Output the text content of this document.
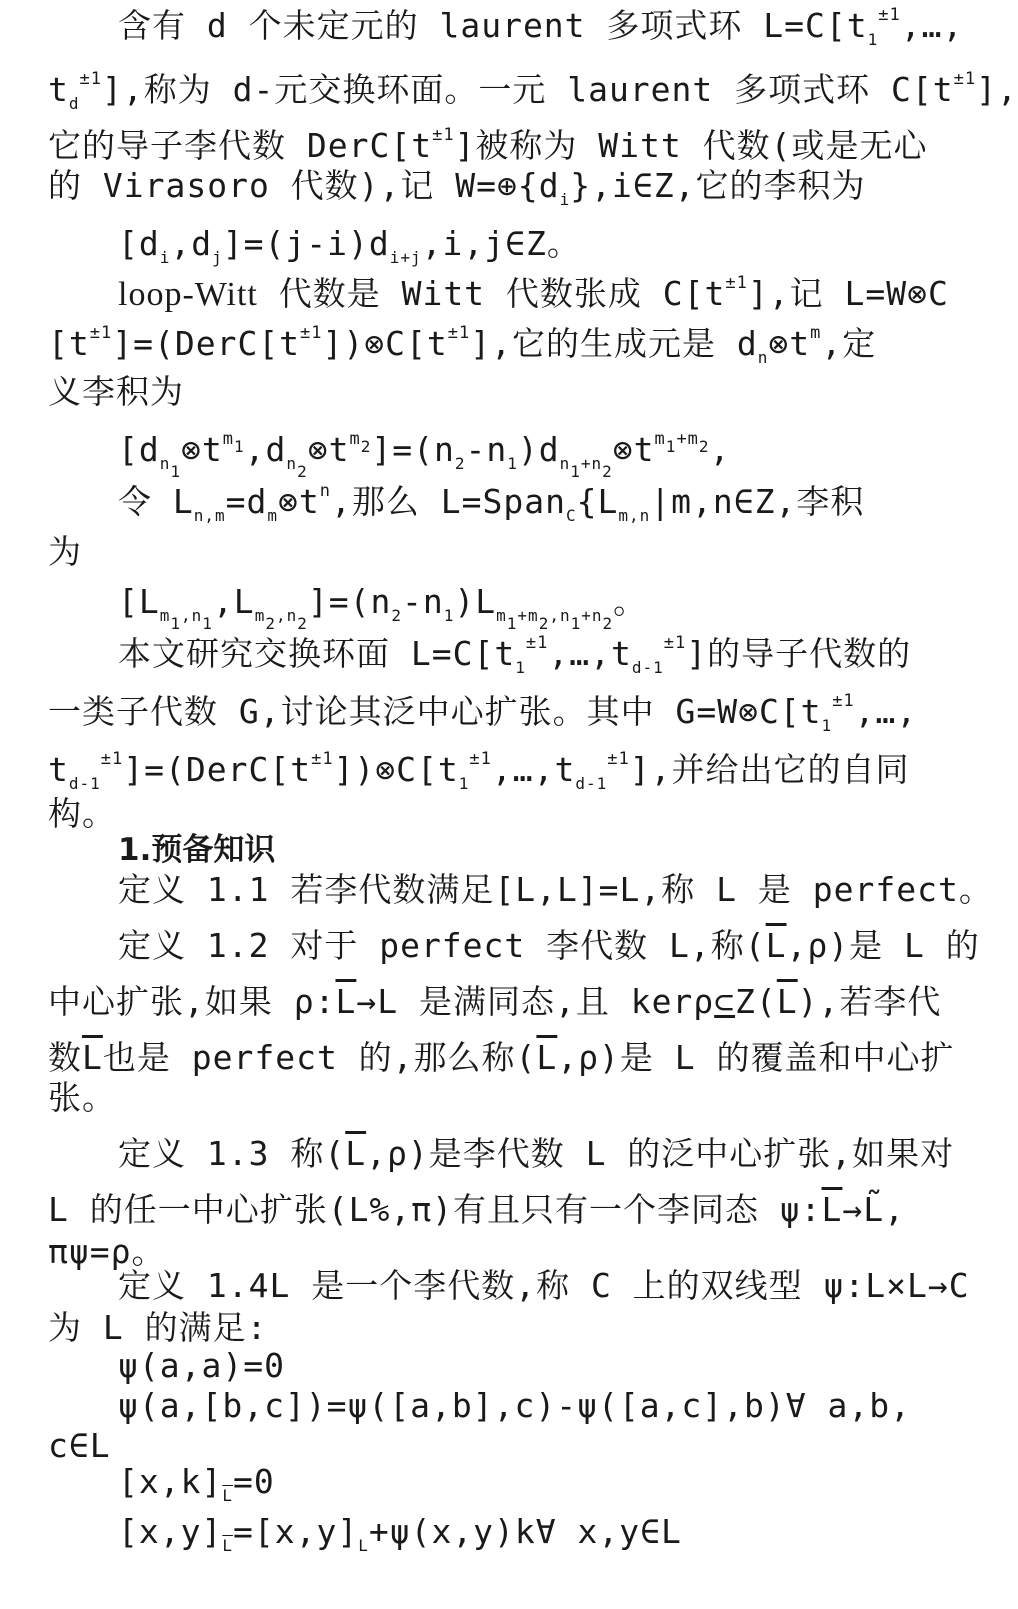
含有 d 个未定元的 laurent 多项式环 $L=C[t_1^{\pm 1},\dots$,
$t_d^{\pm 1}$],称为 d-元交换环面。一元 laurent 多项式环 $C[t^{\pm 1}]$,
它的导子李代数 $DerC[t^{\pm 1}]$被称为 Witt 代数(或是无心
的 Virasoro 代数),记 $W=\oplus\{d_i\},i\in Z$,它的李积为
$[d_i,d_j]=(j-i)d_{i+j},i,j\in Z$。
loop-Witt 代数是 Witt 代数张成 $C[t^{\pm 1}]$,记 L=W⊗C
$[t^{\pm 1}]=(DerC[t^{\pm 1}])\otimes C[t^{\pm 1}]$,它的生成元是 $d_n\otimes t^m$,定
义李积为
$[d_{n_1}\otimes t^{m_1},d_{n_2}\otimes t^{m_2}]=(n_2-n_1)d_{n_1+n_2}\otimes t^{m_1+m_2}$,
令 $L_{n,m}=d_m\otimes t^n$,那么 $L=Span_C\{L_{m,n}|m,n\in Z$,李积
为
$[L_{m_1,n_1},L_{m_2,n_2}]=(n_2-n_1)L_{m_1+m_2,n_1+n_2}$。
本文研究交换环面 $L=C[t_1^{\pm 1},\dots,t_{d-1}^{\pm 1}]$的导子代数的
一类子代数 G,讨论其泛中心扩张。其中 $G=W\otimes C[t_1^{\pm 1},\dots$,
$t_{d-1}^{\pm 1}]=(DerC[t^{\pm 1}])\otimes C[t_1^{\pm 1},\dots,t_{d-1}^{\pm 1}]$,并给出它的自同
构。
1.预备知识
定义 1.1 若李代数满足[L,L]=L,称 L 是 perfect。
定义 1.2 对于 perfect 李代数 L,称$(\overline{L},\rho)$是 L 的
中心扩张,如果 $\rho:\overline{L}\to L$ 是满同态,且 $ker\rho\subset Z(\overline{L})$,若李代
数$\overline{L}$也是 perfect 的,那么称$(\overline{L},\rho)$是 L 的覆盖和中心扩
张。
定义 1.3 称$(\overline{L},\rho)$是李代数 L 的泛中心扩张,如果对
L 的任一中心扩张(L%,π)有且只有一个李同态 $\psi:\overline{L}\to L̃$,
πψ=ρ。
定义 1.4L 是一个李代数,称 C 上的双线型 ψ:L×L→C
为 L 的满足:
ψ(a,a)=0
ψ(a,[b,c])=ψ([a,b],c)-ψ([a,c],b)∀ a,b,
c∈L
$[x,k]_{\overline{L}}=0$
$[x,y]_{\overline{L}}=[x,y]_L+\psi(x,y)k\forall$ x,y∈L
